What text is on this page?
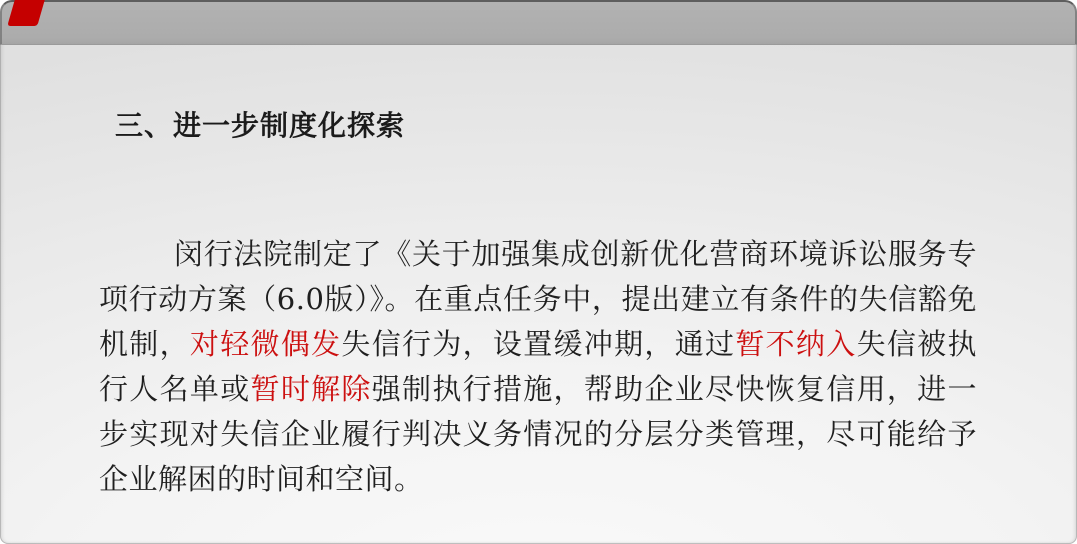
三、进一步制度化探索

闵行法院制定了《关于加强集成创新优化营商环境诉讼服务专项行动方案（6.0版）》。在重点任务中，提出建立有条件的失信豁免机制，对轻微偶发失信行为，设置缓冲期，通过暂不纳入失信被执行人名单或暂时解除强制执行措施，帮助企业尽快恢复信用，进一步实现对失信企业履行判决义务情况的分层分类管理，尽可能给予企业解困的时间和空间。
